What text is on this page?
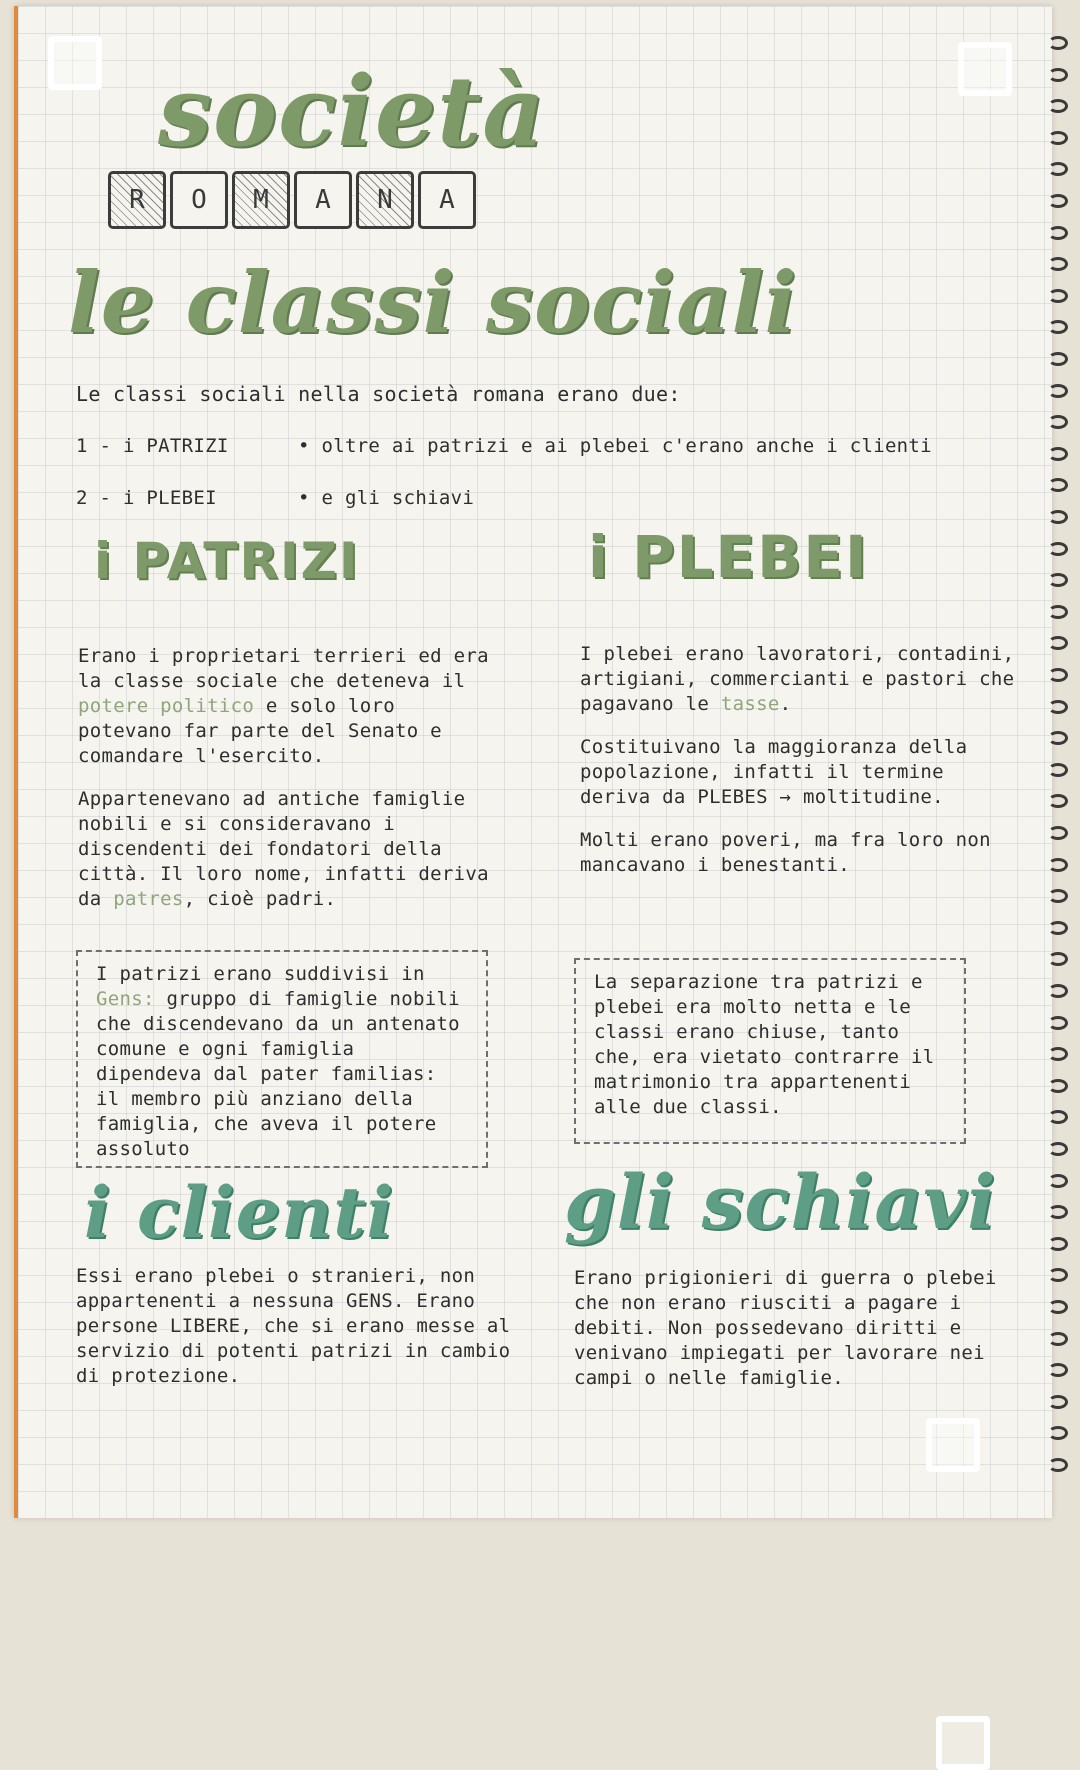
società
R	O	M	A	N	A
le classi sociali
Le classi sociali nella società romana erano due:
1 - i PATRIZI	• oltre ai patrizi e ai plebei c'erano anche i clienti
2 - i PLEBEI	• e gli schiavi
i PATRIZI

Erano i proprietari terrieri ed era la classe sociale che deteneva il potere politico e solo loro potevano far parte del Senato e comandare l'esercito.

Appartenevano ad antiche famiglie nobili e si consideravano i discendenti dei fondatori della città. Il loro nome, infatti deriva da patres, cioè padri.

I patrizi erano suddivisi in Gens: gruppo di famiglie nobili che discendevano da un antenato comune e ogni famiglia dipendeva dal pater familias: il membro più anziano della famiglia, che aveva il potere assoluto

i PLEBEI

I plebei erano lavoratori, contadini, artigiani, commercianti e pastori che pagavano le tasse.

Costituivano la maggioranza della popolazione, infatti il termine deriva da PLEBES → moltitudine.

Molti erano poveri, ma fra loro non mancavano i benestanti.

La separazione tra patrizi e plebei era molto netta e le classi erano chiuse, tanto che, era vietato contrarre il matrimonio tra appartenenti alle due classi.

i clienti
Essi erano plebei o stranieri, non appartenenti a nessuna GENS. Erano persone LIBERE, che si erano messe al servizio di potenti patrizi in cambio di protezione.
gli schiavi
Erano prigionieri di guerra o plebei che non erano riusciti a pagare i debiti. Non possedevano diritti e venivano impiegati per lavorare nei campi o nelle famiglie.
